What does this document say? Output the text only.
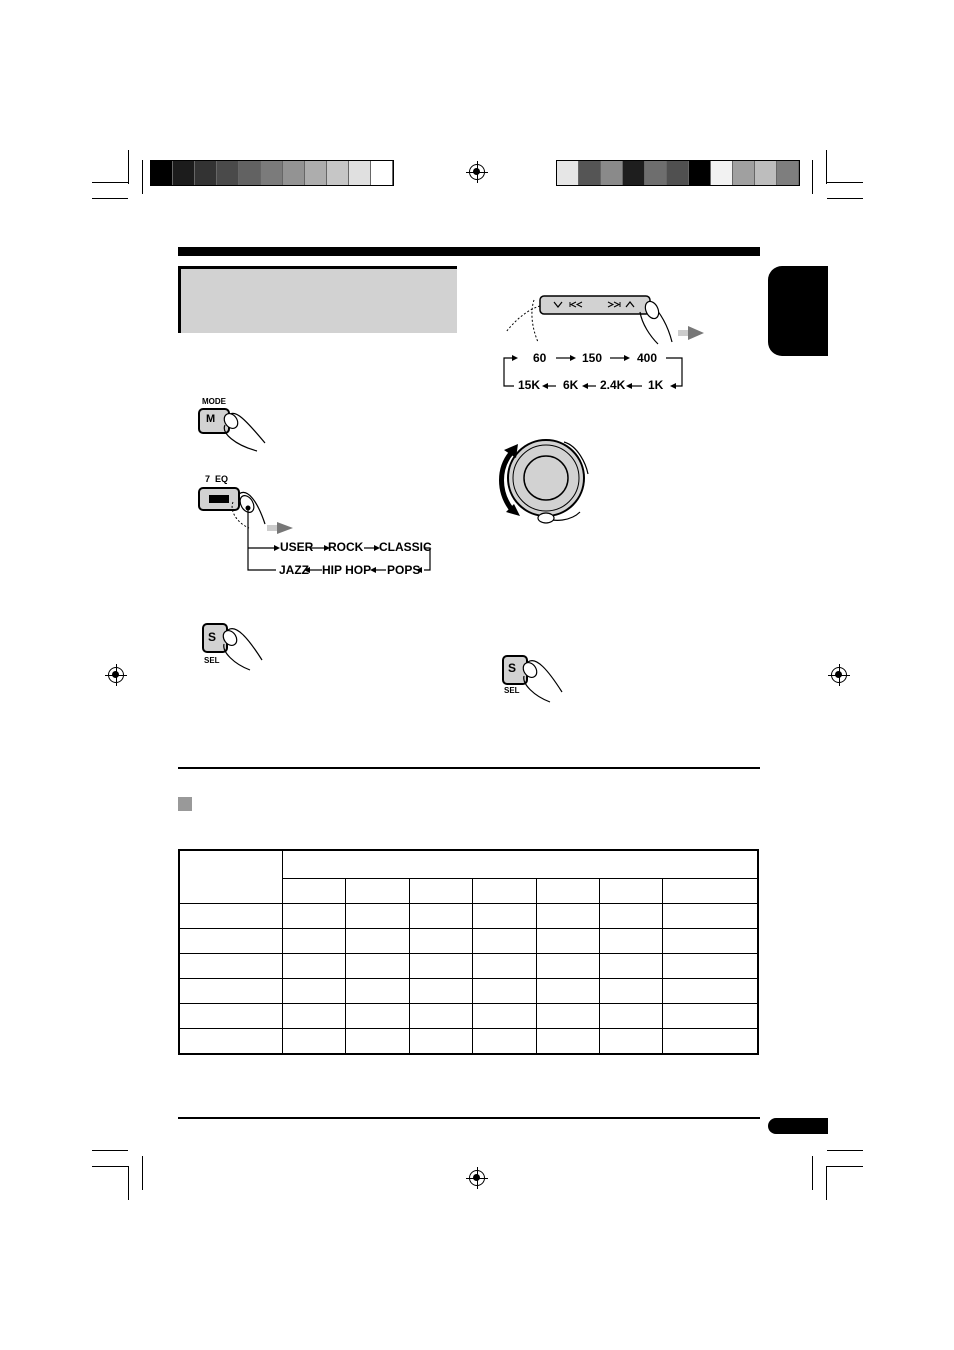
MODE
M
7  EQ
USER ROCK CLASSIC
JAZZ HIP HOP POPS
S
SEL
60	150	400
15K 6K 2.4K 1K
S
SEL
